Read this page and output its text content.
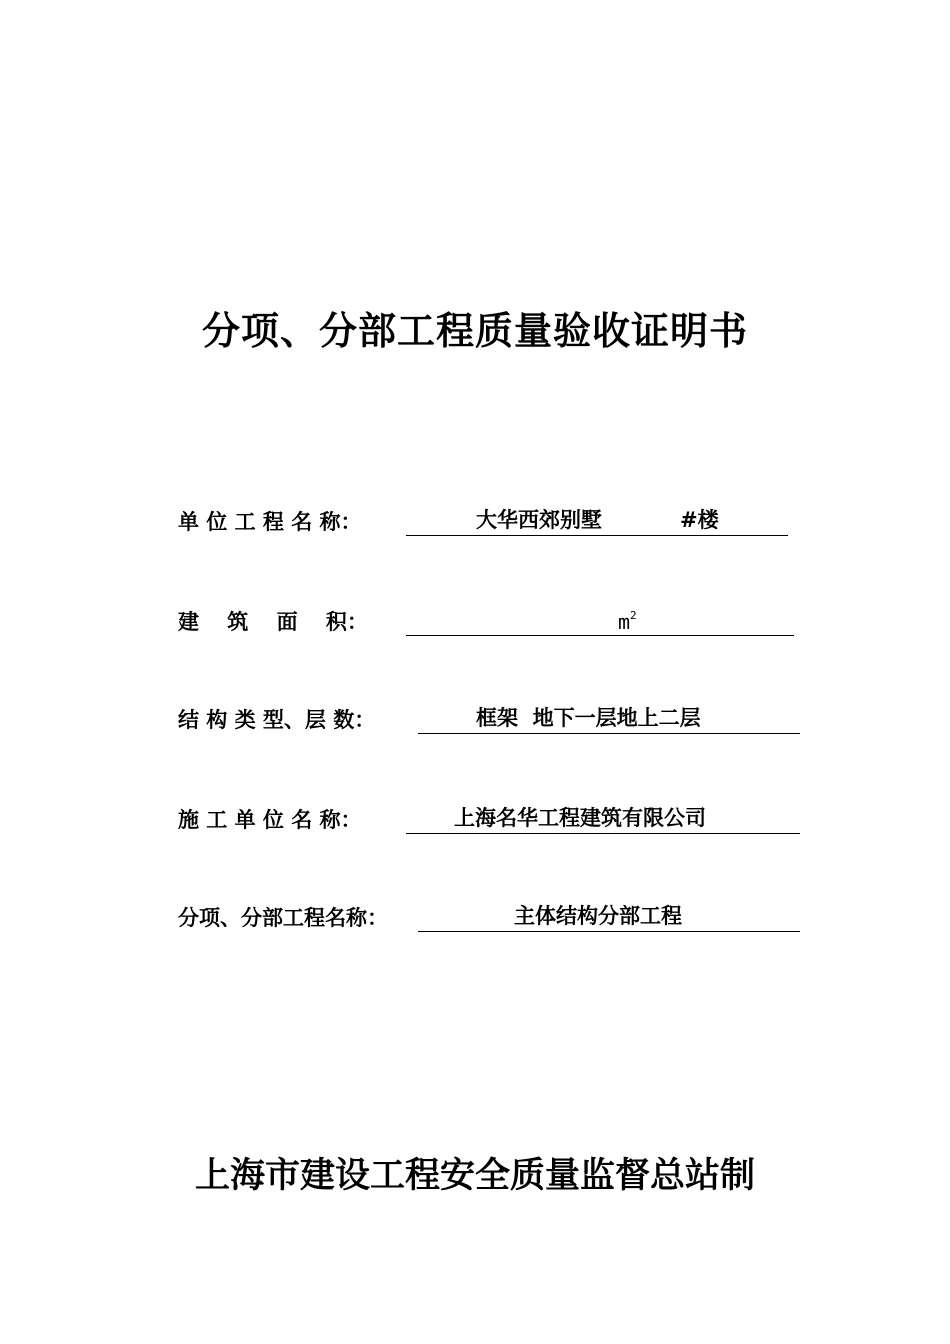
分项、分部工程质量验收证明书
单 位 工 程 名 称：	大华西郊别墅	#楼
建　 筑　 面　 积：	$m^2$
结 构 类 型、层 数：	框架  地下一层地上二层
施 工 单 位 名 称：	上海名华工程建筑有限公司
分项、分部工程名称：	主体结构分部工程
上海市建设工程安全质量监督总站制
